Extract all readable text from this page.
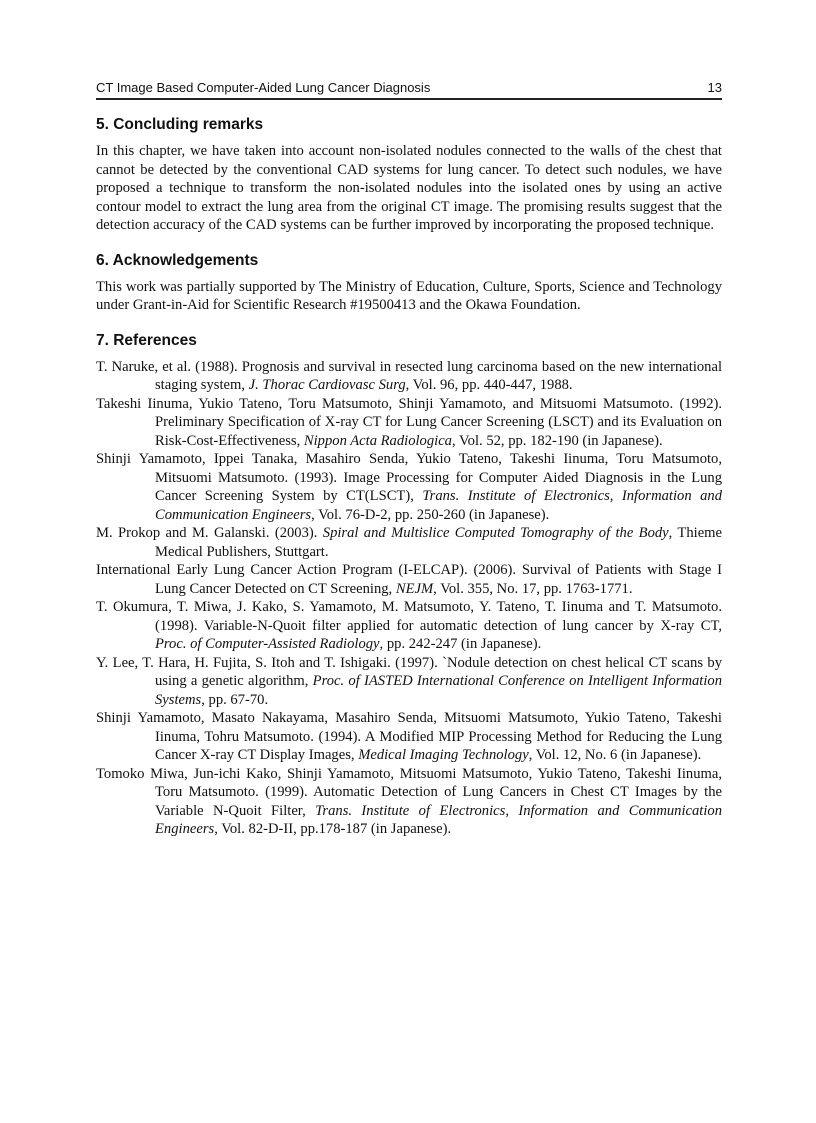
CT Image Based Computer-Aided Lung Cancer Diagnosis	13
5. Concluding remarks

In this chapter, we have taken into account non-isolated nodules connected to the walls of the chest that cannot be detected by the conventional CAD systems for lung cancer. To detect such nodules, we have proposed a technique to transform the non-isolated nodules into the isolated ones by using an active contour model to extract the lung area from the original CT image. The promising results suggest that the detection accuracy of the CAD systems can be further improved by incorporating the proposed technique.

6. Acknowledgements

This work was partially supported by The Ministry of Education, Culture, Sports, Science and Technology under Grant-in-Aid for Scientific Research #19500413 and the Okawa Foundation.

7. References
T. Naruke, et al. (1988). Prognosis and survival in resected lung carcinoma based on the new international staging system, J. Thorac Cardiovasc Surg, Vol. 96, pp. 440-447, 1988.
Takeshi Iinuma, Yukio Tateno, Toru Matsumoto, Shinji Yamamoto, and Mitsuomi Matsumoto. (1992). Preliminary Specification of X-ray CT for Lung Cancer Screening (LSCT) and its Evaluation on Risk-Cost-Effectiveness, Nippon Acta Radiologica, Vol. 52, pp. 182-190 (in Japanese).
Shinji Yamamoto, Ippei Tanaka, Masahiro Senda, Yukio Tateno, Takeshi Iinuma, Toru Matsumoto, Mitsuomi Matsumoto. (1993). Image Processing for Computer Aided Diagnosis in the Lung Cancer Screening System by CT(LSCT), Trans. Institute of Electronics, Information and Communication Engineers, Vol. 76-D-2, pp. 250-260 (in Japanese).
M. Prokop and M. Galanski. (2003). Spiral and Multislice Computed Tomography of the Body, Thieme Medical Publishers, Stuttgart.
International Early Lung Cancer Action Program (I-ELCAP). (2006). Survival of Patients with Stage I Lung Cancer Detected on CT Screening, NEJM, Vol. 355, No. 17, pp. 1763-1771.
T. Okumura, T. Miwa, J. Kako, S. Yamamoto, M. Matsumoto, Y. Tateno, T. Iinuma and T. Matsumoto. (1998). Variable-N-Quoit filter applied for automatic detection of lung cancer by X-ray CT, Proc. of Computer-Assisted Radiology, pp. 242-247 (in Japanese).
Y. Lee, T. Hara, H. Fujita, S. Itoh and T. Ishigaki. (1997). `Nodule detection on chest helical CT scans by using a genetic algorithm, Proc. of IASTED International Conference on Intelligent Information Systems, pp. 67-70.
Shinji Yamamoto, Masato Nakayama, Masahiro Senda, Mitsuomi Matsumoto, Yukio Tateno, Takeshi Iinuma, Tohru Matsumoto. (1994). A Modified MIP Processing Method for Reducing the Lung Cancer X-ray CT Display Images, Medical Imaging Technology, Vol. 12, No. 6 (in Japanese).
Tomoko Miwa, Jun-ichi Kako, Shinji Yamamoto, Mitsuomi Matsumoto, Yukio Tateno, Takeshi Iinuma, Toru Matsumoto. (1999). Automatic Detection of Lung Cancers in Chest CT Images by the Variable N-Quoit Filter, Trans. Institute of Electronics, Information and Communication Engineers, Vol. 82-D-II, pp.178-187 (in Japanese).
